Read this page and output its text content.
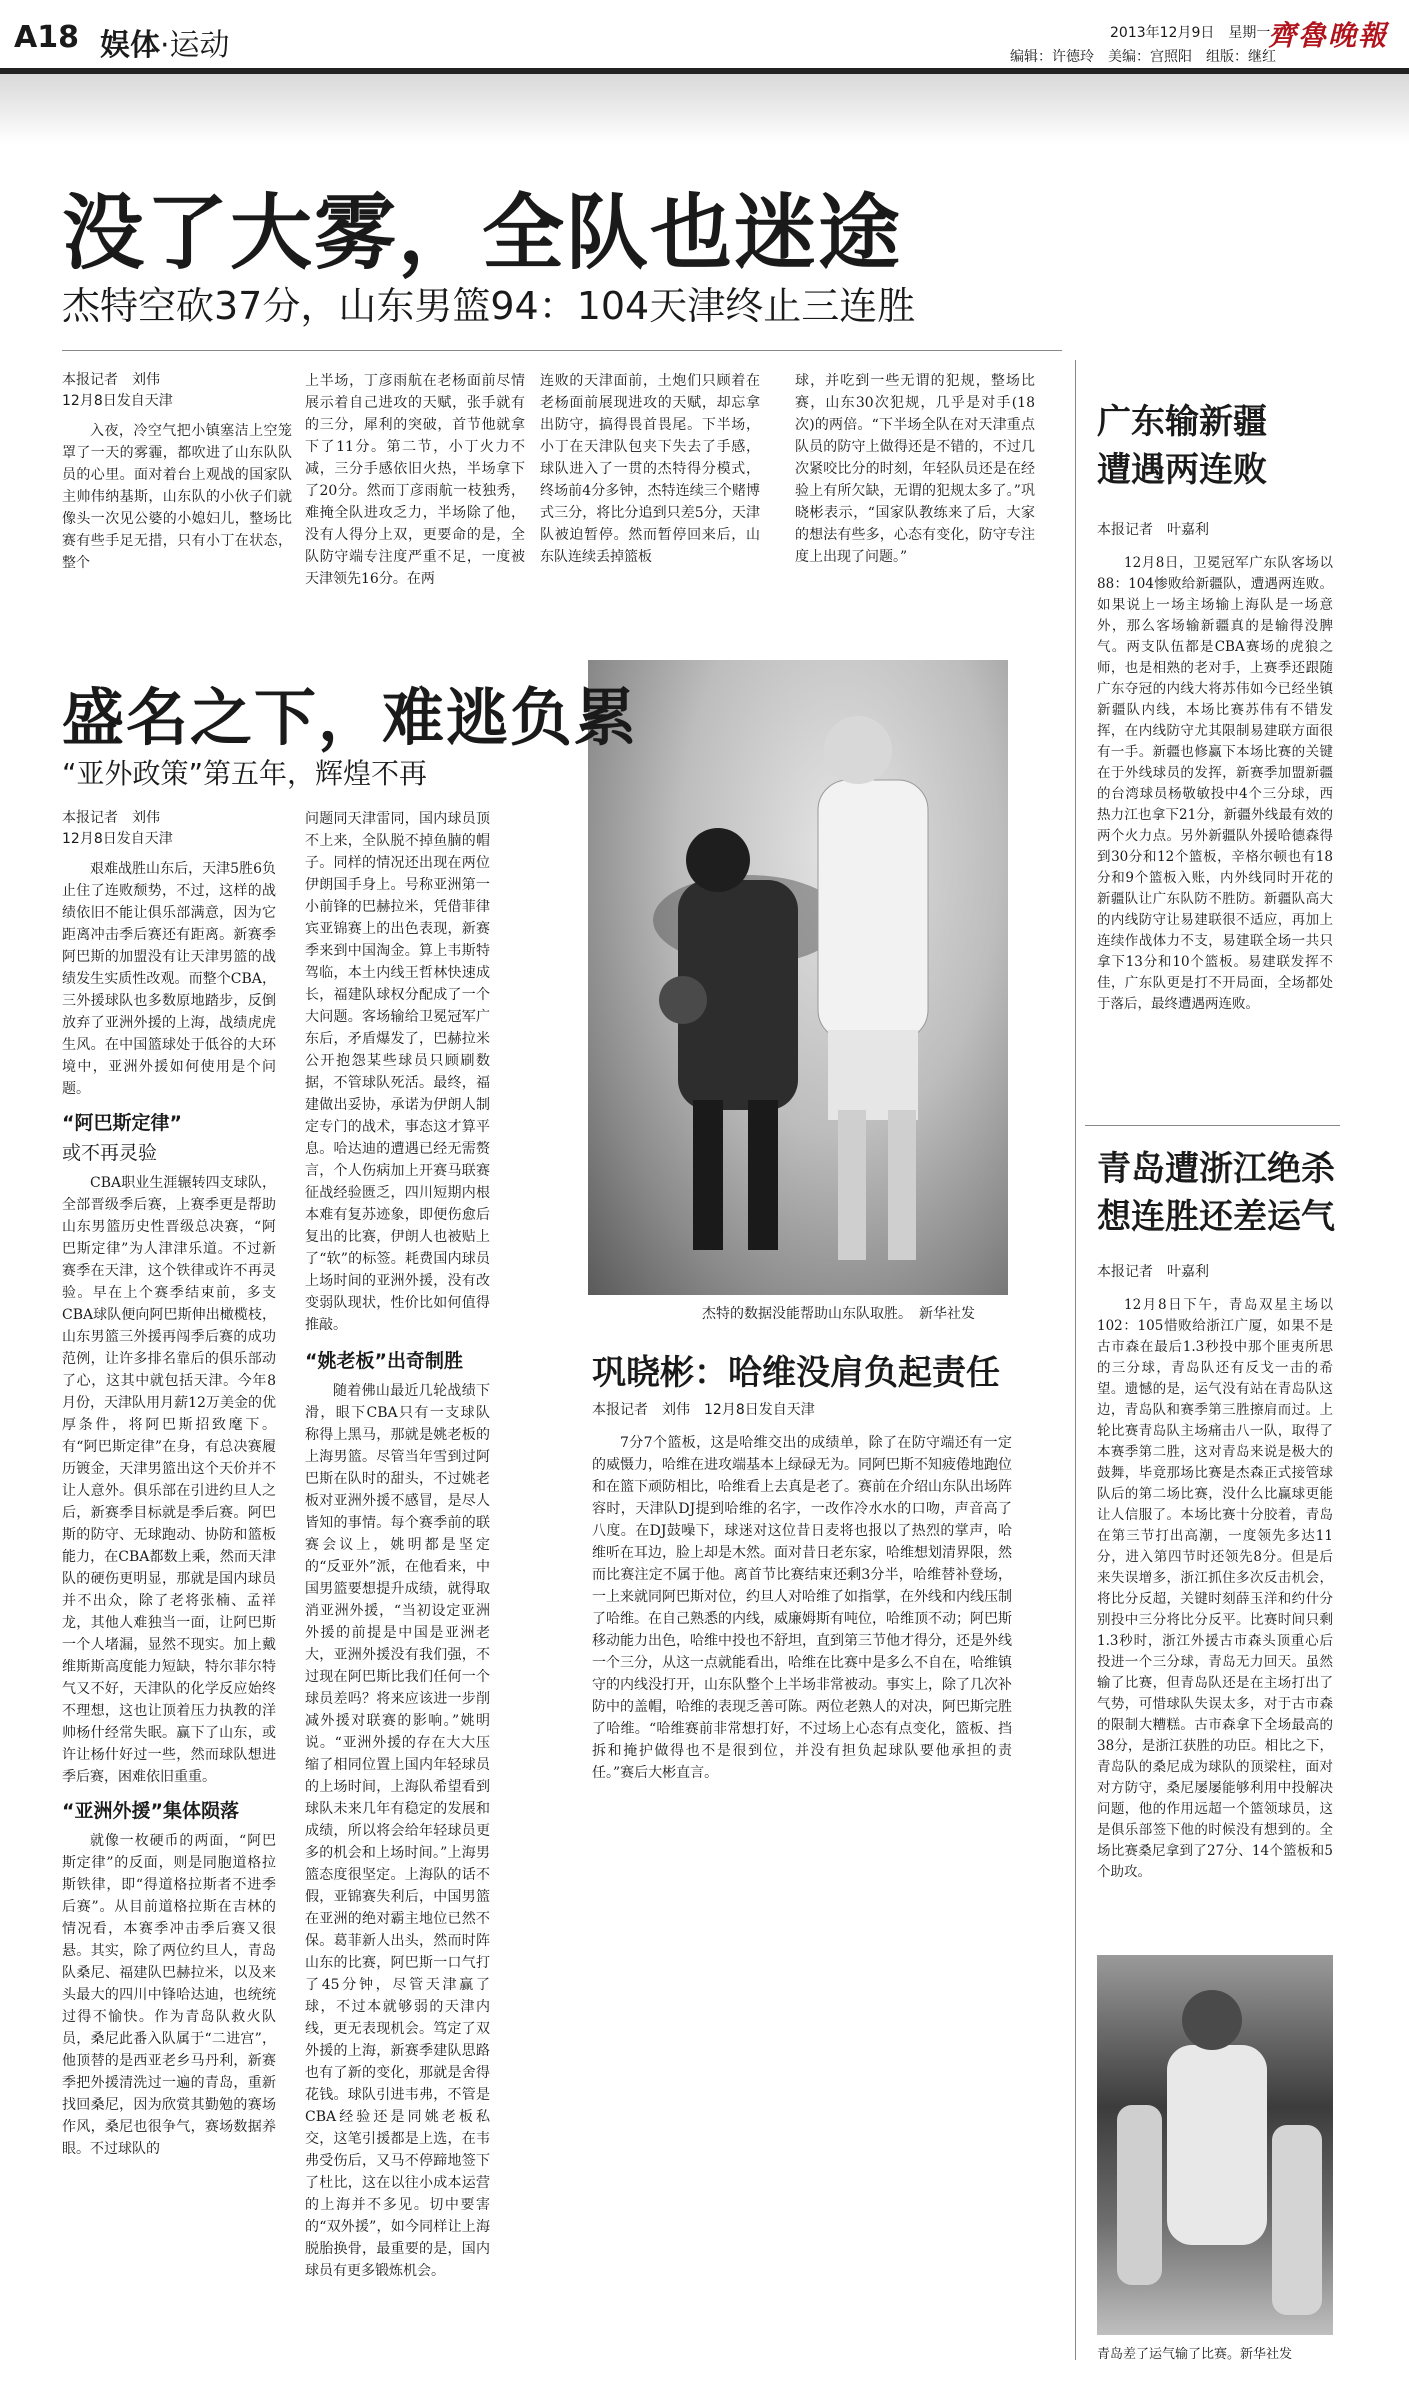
A18 娱体·运动	2013年12月9日　星期一
齊魯晚報
编辑：许德玲　美编：宫照阳　组版：继红
没了大雾，全队也迷途
杰特空砍37分，山东男篮94：104天津终止三连胜
本报记者　刘伟
12月8日发自天津

入夜，冷空气把小镇塞洁上空笼罩了一天的雾霾，都吹进了山东队队员的心里。面对着台上观战的国家队主帅伟纳基斯，山东队的小伙子们就像头一次见公婆的小媳妇儿，整场比赛有些手足无措，只有小丁在状态，整个

上半场，丁彦雨航在老杨面前尽情展示着自己进攻的天赋，张手就有的三分，犀利的突破，首节他就拿下了11分。第二节，小丁火力不减，三分手感依旧火热，半场拿下了20分。然而丁彦雨航一枝独秀，难掩全队进攻乏力，半场除了他，没有人得分上双，更要命的是，全队防守端专注度严重不足，一度被天津领先16分。在两

连败的天津面前，土炮们只顾着在老杨面前展现进攻的天赋，却忘拿出防守，搞得畏首畏尾。下半场，小丁在天津队包夹下失去了手感，球队进入了一贯的杰特得分模式，终场前4分多钟，杰特连续三个赌博式三分，将比分追到只差5分，天津队被迫暂停。然而暂停回来后，山东队连续丢掉篮板

球，并吃到一些无谓的犯规，整场比赛，山东30次犯规，几乎是对手(18次)的两倍。“下半场全队在对天津重点队员的防守上做得还是不错的，不过几次紧咬比分的时刻，年轻队员还是在经验上有所欠缺，无谓的犯规太多了。”巩晓彬表示，“国家队教练来了后，大家的想法有些多，心态有变化，防守专注度上出现了问题。”

杰特的数据没能帮助山东队取胜。　新华社发
盛名之下，难逃负累
“亚外政策”第五年，辉煌不再
本报记者　刘伟
12月8日发自天津

艰难战胜山东后，天津5胜6负止住了连败颓势，不过，这样的战绩依旧不能让俱乐部满意，因为它距离冲击季后赛还有距离。新赛季阿巴斯的加盟没有让天津男篮的战绩发生实质性改观。而整个CBA，三外援球队也多数原地踏步，反倒放弃了亚洲外援的上海，战绩虎虎生风。在中国篮球处于低谷的大环境中，亚洲外援如何使用是个问题。

“阿巴斯定律”
或不再灵验

CBA职业生涯辗转四支球队，全部晋级季后赛，上赛季更是帮助山东男篮历史性晋级总决赛，“阿巴斯定律”为人津津乐道。不过新赛季在天津，这个铁律或许不再灵验。早在上个赛季结束前，多支CBA球队便向阿巴斯伸出橄榄枝，山东男篮三外援再闯季后赛的成功范例，让许多排名靠后的俱乐部动了心，这其中就包括天津。今年8月份，天津队用月薪12万美金的优厚条件，将阿巴斯招致麾下。有“阿巴斯定律”在身，有总决赛履历镀金，天津男篮出这个天价并不让人意外。俱乐部在引进约旦人之后，新赛季目标就是季后赛。阿巴斯的防守、无球跑动、协防和篮板能力，在CBA都数上乘，然而天津队的硬伤更明显，那就是国内球员并不出众，除了老将张楠、孟祥龙，其他人难独当一面，让阿巴斯一个人堵漏，显然不现实。加上戴维斯斯高度能力短缺，特尔菲尔特气又不好，天津队的化学反应始终不理想，这也让顶着压力执教的洋帅杨什经常失眠。赢下了山东，或许让杨什好过一些，然而球队想进季后赛，困难依旧重重。

“亚洲外援”集体陨落

就像一枚硬币的两面，“阿巴斯定律”的反面，则是同胞道格拉斯铁律，即“得道格拉斯者不进季后赛”。从目前道格拉斯在吉林的情况看，本赛季冲击季后赛又很悬。其实，除了两位约旦人，青岛队桑尼、福建队巴赫拉米，以及来头最大的四川中锋哈达迪，也统统过得不愉快。作为青岛队救火队员，桑尼此番入队属于“二进宫”，他顶替的是西亚老乡马丹利，新赛季把外援清洗过一遍的青岛，重新找回桑尼，因为欣赏其勤勉的赛场作风，桑尼也很争气，赛场数据养眼。不过球队的

问题同天津雷同，国内球员顶不上来，全队脱不掉鱼腩的帽子。同样的情况还出现在两位伊朗国手身上。号称亚洲第一小前锋的巴赫拉米，凭借菲律宾亚锦赛上的出色表现，新赛季来到中国淘金。算上韦斯特驾临，本土内线王哲林快速成长，福建队球权分配成了一个大问题。客场输给卫冕冠军广东后，矛盾爆发了，巴赫拉米公开抱怨某些球员只顾刷数据，不管球队死活。最终，福建做出妥协，承诺为伊朗人制定专门的战术，事态这才算平息。哈达迪的遭遇已经无需赘言，个人伤病加上开赛马联赛征战经验匮乏，四川短期内根本难有复苏迹象，即便伤愈后复出的比赛，伊朗人也被贴上了“软”的标签。耗费国内球员上场时间的亚洲外援，没有改变弱队现状，性价比如何值得推敲。

“姚老板”出奇制胜

随着佛山最近几轮战绩下滑，眼下CBA只有一支球队称得上黑马，那就是姚老板的上海男篮。尽管当年雪到过阿巴斯在队时的甜头，不过姚老板对亚洲外援不感冒，是尽人皆知的事情。每个赛季前的联赛会议上，姚明都是坚定的“反亚外”派，在他看来，中国男篮要想提升成绩，就得取消亚洲外援，“当初设定亚洲外援的前提是中国是亚洲老大，亚洲外援没有我们强，不过现在阿巴斯比我们任何一个球员差吗？将来应该进一步削减外援对联赛的影响。”姚明说。“亚洲外援的存在大大压缩了相同位置上国内年轻球员的上场时间，上海队希望看到球队未来几年有稳定的发展和成绩，所以将会给年轻球员更多的机会和上场时间。”上海男篮态度很坚定。上海队的话不假，亚锦赛失利后，中国男篮在亚洲的绝对霸主地位已然不保。葛菲新人出头，然而时阵山东的比赛，阿巴斯一口气打了45分钟，尽管天津赢了球，不过本就够弱的天津内线，更无表现机会。笃定了双外援的上海，新赛季建队思路也有了新的变化，那就是舍得花钱。球队引进韦弗，不管是CBA经验还是同姚老板私交，这笔引援都是上选，在韦弗受伤后，又马不停蹄地签下了杜比，这在以往小成本运营的上海并不多见。切中要害的“双外援”，如今同样让上海脱胎换骨，最重要的是，国内球员有更多锻炼机会。

巩晓彬：哈维没肩负起责任
本报记者　刘伟　12月8日发自天津

7分7个篮板，这是哈维交出的成绩单，除了在防守端还有一定的威慑力，哈维在进攻端基本上绿碌无为。同阿巴斯不知疲倦地跑位和在篮下顽防相比，哈维看上去真是老了。赛前在介绍山东队出场阵容时，天津队DJ提到哈维的名字，一改作冷水水的口吻，声音高了八度。在DJ鼓噪下，球迷对这位昔日麦将也报以了热烈的掌声，哈维听在耳边，脸上却是木然。面对昔日老东家，哈维想划清界限，然而比赛注定不属于他。离首节比赛结束还剩3分半，哈维替补登场，一上来就同阿巴斯对位，约旦人对哈维了如指掌，在外线和内线压制了哈维。在自己熟悉的内线，威廉姆斯有吨位，哈维顶不动；阿巴斯移动能力出色，哈维中投也不舒坦，直到第三节他才得分，还是外线一个三分，从这一点就能看出，哈维在比赛中是多么不自在，哈维镇守的内线没打开，山东队整个上半场非常被动。事实上，除了几次补防中的盖帽，哈维的表现乏善可陈。两位老熟人的对决，阿巴斯完胜了哈维。“哈维赛前非常想打好，不过场上心态有点变化，篮板、挡拆和掩护做得也不是很到位，并没有担负起球队要他承担的责任。”赛后大彬直言。

广东输新疆
遭遇两连败
本报记者　叶嘉利

12月8日，卫冕冠军广东队客场以88：104惨败给新疆队，遭遇两连败。如果说上一场主场输上海队是一场意外，那么客场输新疆真的是输得没脾气。两支队伍都是CBA赛场的虎狼之师，也是相熟的老对手，上赛季还跟随广东夺冠的内线大将苏伟如今已经坐镇新疆队内线，本场比赛苏伟有不错发挥，在内线防守尤其限制易建联方面很有一手。新疆也修赢下本场比赛的关键在于外线球员的发挥，新赛季加盟新疆的台湾球员杨敬敏投中4个三分球，西热力江也拿下21分，新疆外线最有效的两个火力点。另外新疆队外援哈德森得到30分和12个篮板，辛格尔顿也有18分和9个篮板入账，内外线同时开花的新疆队让广东队防不胜防。新疆队高大的内线防守让易建联很不适应，再加上连续作战体力不支，易建联全场一共只拿下13分和10个篮板。易建联发挥不佳，广东队更是打不开局面，全场都处于落后，最终遭遇两连败。

青岛遭浙江绝杀
想连胜还差运气
本报记者　叶嘉利

12月8日下午，青岛双星主场以102：105惜败给浙江广厦，如果不是古市森在最后1.3秒投中那个匪夷所思的三分球，青岛队还有反戈一击的希望。遗憾的是，运气没有站在青岛队这边，青岛队和赛季第三胜擦肩而过。上轮比赛青岛队主场痛击八一队，取得了本赛季第二胜，这对青岛来说是极大的鼓舞，毕竟那场比赛是杰森正式接管球队后的第二场比赛，没什么比赢球更能让人信服了。本场比赛十分胶着，青岛在第三节打出高潮，一度领先多达11分，进入第四节时还领先8分。但是后来失误增多，浙江抓住多次反击机会，将比分反超，关键时刻薛玉洋和约什分别投中三分将比分反平。比赛时间只剩1.3秒时，浙江外援古市森头顶重心后投进一个三分球，青岛无力回天。虽然输了比赛，但青岛队还是在主场打出了气势，可惜球队失误太多，对于古市森的限制大糟糕。古市森拿下全场最高的38分，是浙江获胜的功臣。相比之下，青岛队的桑尼成为球队的顶梁柱，面对对方防守，桑尼屡屡能够利用中投解决问题，他的作用远超一个篮领球员，这是俱乐部签下他的时候没有想到的。全场比赛桑尼拿到了27分、14个篮板和5个助攻。

青岛差了运气输了比赛。新华社发
